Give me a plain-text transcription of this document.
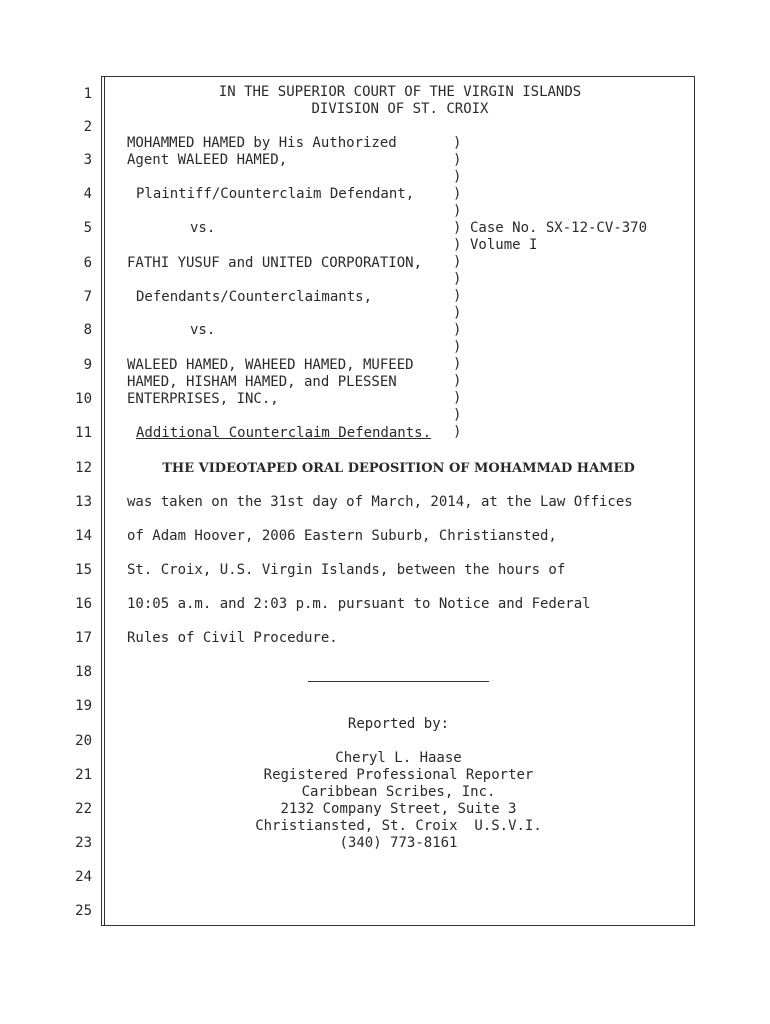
1
2
3
4
5
6
7
8
9
10
11
12
13
14
15
16
17
18
19
20
21
22
23
24
25
IN THE SUPERIOR COURT OF THE VIRGIN ISLANDS
DIVISION OF ST. CROIX
MOHAMMED HAMED by His Authorized
Agent WALEED HAMED,
Plaintiff/Counterclaim Defendant,
vs.
FATHI YUSUF and UNITED CORPORATION,
Defendants/Counterclaimants,
vs.
WALEED HAMED, WAHEED HAMED, MUFEED
HAMED, HISHAM HAMED, and PLESSEN
ENTERPRISES, INC.,
Additional Counterclaim Defendants.
)
)
)
)
)
)
)
)
)
)
)
)
)
)
)
)
)
)
Case No. SX-12-CV-370
Volume I
THE VIDEOTAPED ORAL DEPOSITION OF MOHAMMAD HAMED
was taken on the 31st day of March, 2014, at the Law Offices
of Adam Hoover, 2006 Eastern Suburb, Christiansted,
St. Croix, U.S. Virgin Islands, between the hours of
10:05 a.m. and 2:03 p.m. pursuant to Notice and Federal
Rules of Civil Procedure.
Reported by:
Cheryl L. Haase
Registered Professional Reporter
Caribbean Scribes, Inc.
2132 Company Street, Suite 3
Christiansted, St. Croix  U.S.V.I.
(340) 773-8161
